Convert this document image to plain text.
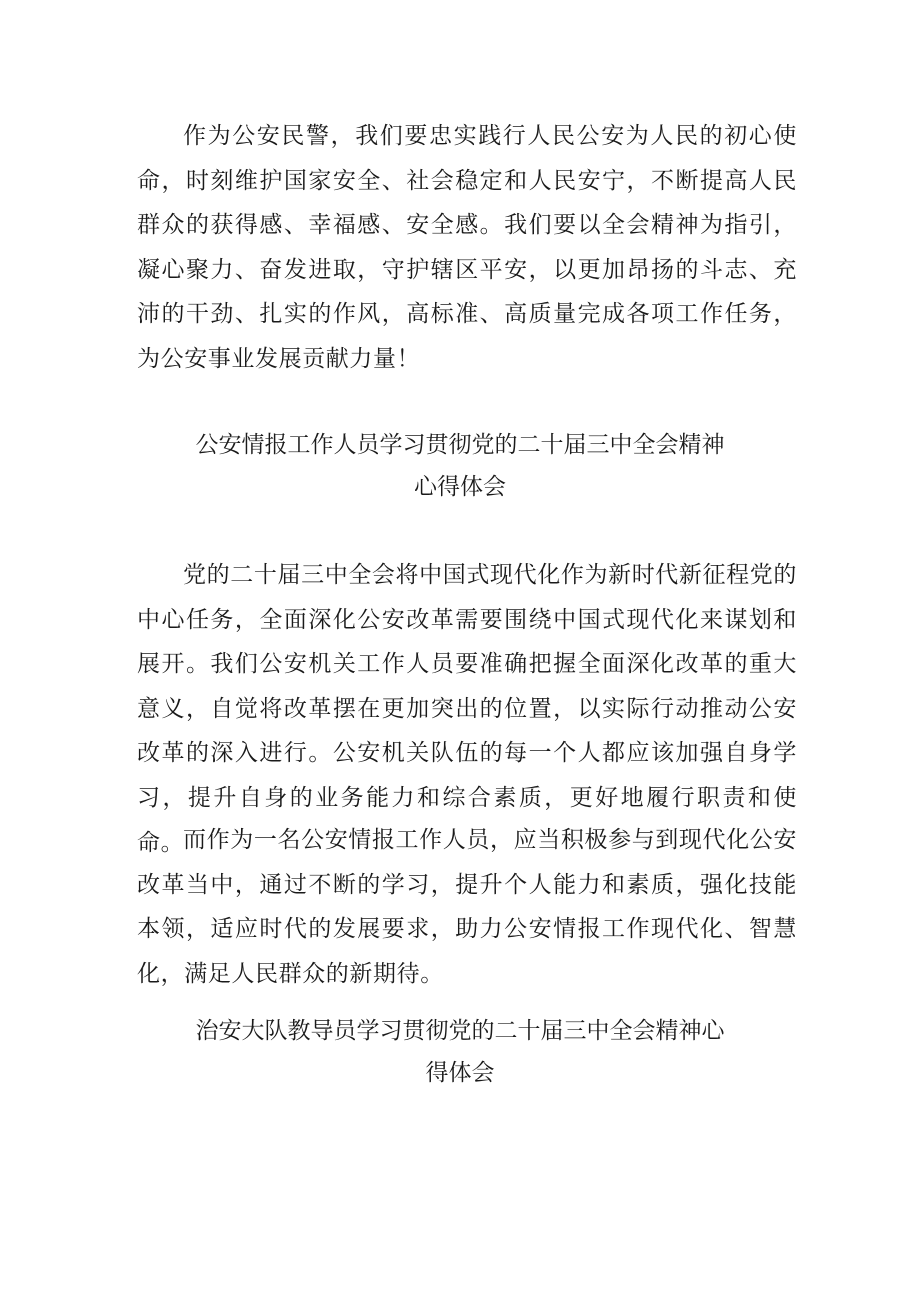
作为公安民警，我们要忠实践行人民公安为人民的初心使命，时刻维护国家安全、社会稳定和人民安宁，不断提高人民群众的获得感、幸福感、安全感。我们要以全会精神为指引，凝心聚力、奋发进取，守护辖区平安，以更加昂扬的斗志、充沛的干劲、扎实的作风，高标准、高质量完成各项工作任务，为公安事业发展贡献力量！

公安情报工作人员学习贯彻党的二十届三中全会精神
心得体会

党的二十届三中全会将中国式现代化作为新时代新征程党的中心任务，全面深化公安改革需要围绕中国式现代化来谋划和展开。我们公安机关工作人员要准确把握全面深化改革的重大意义，自觉将改革摆在更加突出的位置，以实际行动推动公安改革的深入进行。公安机关队伍的每一个人都应该加强自身学习，提升自身的业务能力和综合素质，更好地履行职责和使命。

而作为一名公安情报工作人员，应当积极参与到现代化公安改革当中，通过不断的学习，提升个人能力和素质，强化技能本领，适应时代的发展要求，助力公安情报工作现代化、智慧化，满足人民群众的新期待。

治安大队教导员学习贯彻党的二十届三中全会精神心
得体会
